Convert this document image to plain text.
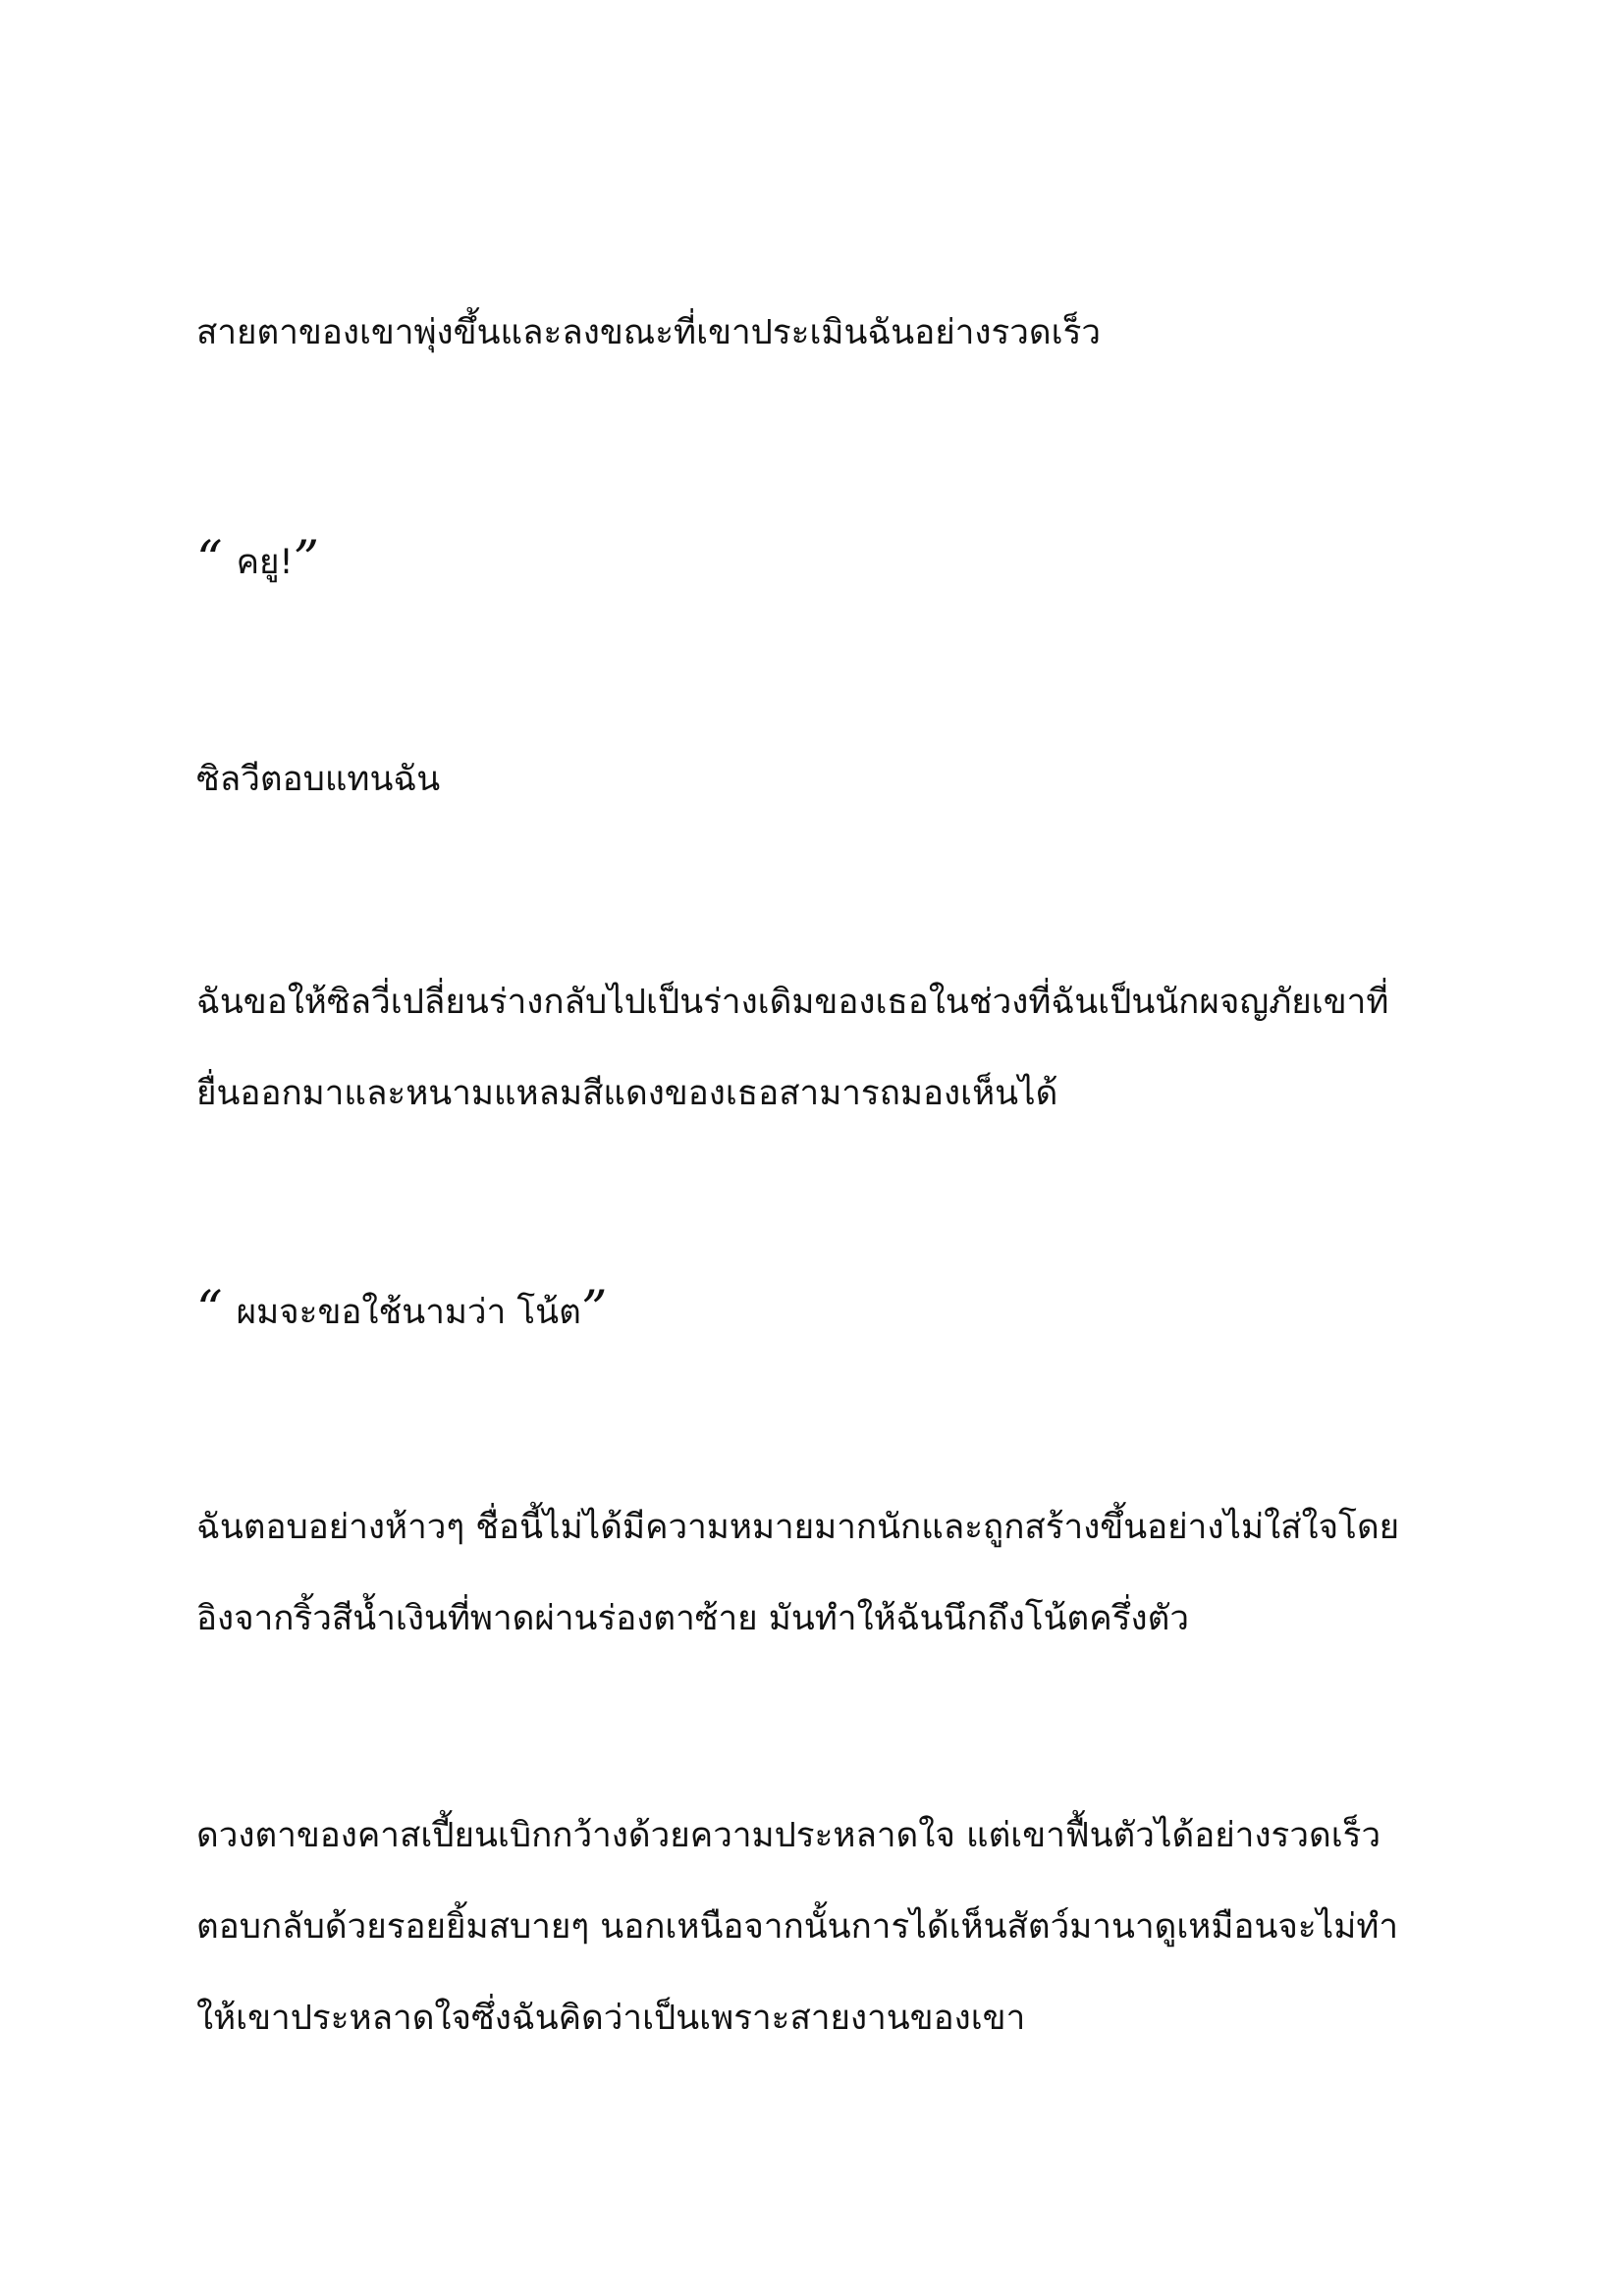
สายตาของเขาพุ่งขึ้นและลงขณะที่เขาประเมินฉันอย่างรวดเร็ว
“ คยู!”
ซิลวีตอบแทนฉัน
ฉันขอให้ซิลวี่เปลี่ยนร่างกลับไปเป็นร่างเดิมของเธอในช่วงที่ฉันเป็นนักผจญภัยเขาที่
ยื่นออกมาและหนามแหลมสีแดงของเธอสามารถมองเห็นได้
“ ผมจะขอใช้นามว่า โน้ต”
ฉันตอบอย่างห้าวๆ ชื่อนี้ไม่ได้มีความหมายมากนักและถูกสร้างขึ้นอย่างไม่ใส่ใจโดย
อิงจากริ้วสีน้ำเงินที่พาดผ่านร่องตาซ้าย มันทำให้ฉันนึกถึงโน้ตครึ่งตัว
ดวงตาของคาสเปี้ยนเบิกกว้างด้วยความประหลาดใจ แต่เขาฟื้นตัวได้อย่างรวดเร็ว
ตอบกลับด้วยรอยยิ้มสบายๆ นอกเหนือจากนั้นการได้เห็นสัตว์มานาดูเหมือนจะไม่ทำ
ให้เขาประหลาดใจซึ่งฉันคิดว่าเป็นเพราะสายงานของเขา
